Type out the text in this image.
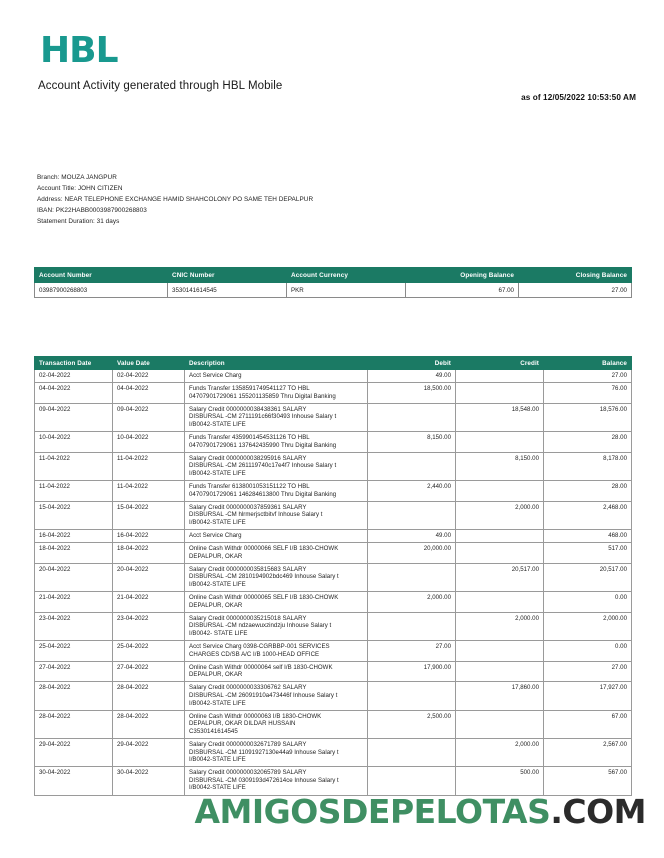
HBL
Account Activity generated through HBL Mobile
as of 12/05/2022 10:53:50 AM
Branch: MOUZA JANGPUR
Account Title: JOHN CITIZEN
Address: NEAR TELEPHONE EXCHANGE HAMID SHAHCOLONY PO SAME TEH DEPALPUR
IBAN: PK22HABB0003987900268803
Statement Duration: 31 days
Account Number	CNIC Number	Account Currency	Opening Balance	Closing Balance
03987900268803	3530141614545	PKR	67.00	27.00
Transaction Date	Value Date	Description	Debit	Credit	Balance
02-04-2022	02-04-2022	Acct Service Charg	49.00		27.00
04-04-2022	04-04-2022	Funds Transfer 1358591749541127 TO HBL
04707901729061 155201135859 Thru Digital Banking	18,500.00		76.00
09-04-2022	09-04-2022	Salary Credit 0000000038438361 SALARY
DISBURSAL -CM 2711191c66f30493 Inhouse Salary t
I/B0042-STATE LIFE		18,548.00	18,576.00
10-04-2022	10-04-2022	Funds Transfer 4359901454531126 TO HBL
04707901729061 137642435990 Thru Digital Banking	8,150.00		28.00
11-04-2022	11-04-2022	Salary Credit 0000000038295916 SALARY
DISBURSAL -CM 261119740c17e4f7 Inhouse Salary t
I/B0042-STATE LIFE		8,150.00	8,178.00
11-04-2022	11-04-2022	Funds Transfer 6138001053151122 TO HBL
04707901729061 146284613800 Thru Digital Banking	2,440.00		28.00
15-04-2022	15-04-2022	Salary Credit 0000000037859361 SALARY
DISBURSAL -CM hlrmerjsctbitvf Inhouse Salary t
I/B0042-STATE LIFE		2,000.00	2,468.00
16-04-2022	16-04-2022	Acct Service Charg	49.00		468.00
18-04-2022	18-04-2022	Online Cash Withdr 00000066 SELF I/B 1830-CHOWK
DEPALPUR, OKAR	20,000.00		517.00
20-04-2022	20-04-2022	Salary Credit 0000000035815683 SALARY
DISBURSAL -CM 2810194902bdc469 Inhouse Salary t
I/B0042-STATE LIFE		20,517.00	20,517.00
21-04-2022	21-04-2022	Online Cash Withdr 00000065 SELF I/B 1830-CHOWK
DEPALPUR, OKAR	2,000.00		0.00
23-04-2022	23-04-2022	Salary Credit 0000000035215018 SALARY
DISBURSAL -CM ndzaewuxzindzju Inhouse Salary t
I/B0042- STATE LIFE		2,000.00	2,000.00
25-04-2022	25-04-2022	Acct Service Charg 0398-CGRBBP-001 SERVICES
CHARGES CD/SB A/C I/B 1000-HEAD OFFICE	27.00		0.00
27-04-2022	27-04-2022	Online Cash Withdr 00000064 self I/B 1830-CHOWK
DEPALPUR, OKAR	17,900.00		27.00
28-04-2022	28-04-2022	Salary Credit 0000000033306762 SALARY
DISBURSAL -CM 26091910a473446f Inhouse Salary t
I/B0042-STATE LIFE		17,860.00	17,927.00
28-04-2022	28-04-2022	Online Cash Withdr 00000063 I/B 1830-CHOWK
DEPALPUR, OKAR DILDAR HUSSAIN
C3530141614545	2,500.00		67.00
29-04-2022	29-04-2022	Salary Credit 0000000032671789 SALARY
DISBURSAL -CM 11091927130e44a9 Inhouse Salary t
I/B0042-STATE LIFE		2,000.00	2,567.00
30-04-2022	30-04-2022	Salary Credit 0000000032065789 SALARY
DISBURSAL -CM 0309193d472614ce Inhouse Salary t
I/B0042-STATE LIFE		500.00	567.00
AMIGOSDEPELOTAS.COM
